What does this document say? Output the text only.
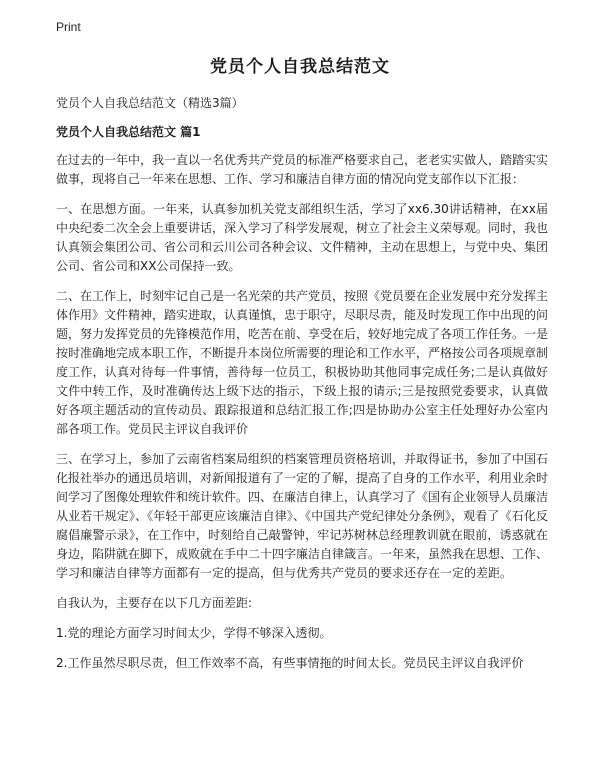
Print
党员个人自我总结范文

党员个人自我总结范文（精选3篇）

党员个人自我总结范文 篇1

在过去的一年中，我一直以一名优秀共产党员的标准严格要求自己，老老实实做人，踏踏实实做事，现将自己一年来在思想、工作、学习和廉洁自律方面的情况向党支部作以下汇报：

一、在思想方面。一年来，认真参加机关党支部组织生活，学习了xx6.30讲话精神，在xx届中央纪委二次全会上重要讲话，深入学习了科学发展观，树立了社会主义荣辱观。同时，我也认真领会集团公司、省公司和云川公司各种会议、文件精神，主动在思想上，与党中央、集团公司、省公司和XX公司保持一致。

二、在工作上，时刻牢记自己是一名光荣的共产党员，按照《党员要在企业发展中充分发挥主体作用》文件精神，踏实进取，认真谨慎，忠于职守，尽职尽责，能及时发现工作中出现的问题，努力发挥党员的先锋模范作用，吃苦在前、享受在后，较好地完成了各项工作任务。一是按时准确地完成本职工作，不断提升本岗位所需要的理论和工作水平，严格按公司各项规章制度工作，认真对待每一件事情，善待每一位员工，积极协助其他同事完成任务;二是认真做好文件中转工作，及时准确传达上级下达的指示，下级上报的请示;三是按照党委要求，认真做好各项主题活动的宣传动员、跟踪报道和总结汇报工作;四是协助办公室主任处理好办公室内部各项工作。党员民主评议自我评价

三、在学习上，参加了云南省档案局组织的档案管理员资格培训，并取得证书，参加了中国石化报社举办的通迅员培训，对新闻报道有了一定的了解，提高了自身的工作水平，利用业余时间学习了图像处理软件和统计软件。四、在廉洁自律上，认真学习了《国有企业领导人员廉洁从业若干规定》、《年轻干部更应该廉洁自律》、《中国共产党纪律处分条例》，观看了《石化反腐倡廉警示录》，在工作中，时刻给自己敲警钟，牢记苏树林总经理教训就在眼前，诱惑就在身边，陷阱就在脚下，成败就在手中二十四字廉洁自律箴言。一年来，虽然我在思想、工作、学习和廉洁自律等方面都有一定的提高，但与优秀共产党员的要求还存在一定的差距。

自我认为，主要存在以下几方面差距:

1.党的理论方面学习时间太少，学得不够深入透彻。

2.工作虽然尽职尽责，但工作效率不高，有些事情拖的时间太长。党员民主评议自我评价
